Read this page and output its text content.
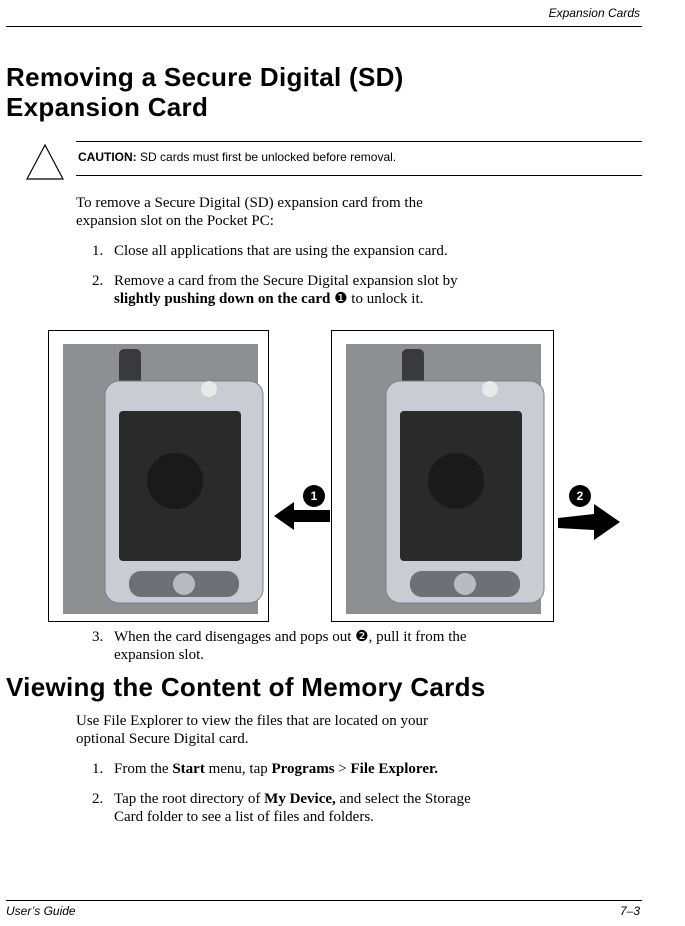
Expansion Cards
Removing a Secure Digital (SD)
Expansion Card
CAUTION: SD cards must first be unlocked before removal.
To remove a Secure Digital (SD) expansion card from the
expansion slot on the Pocket PC:
1. Close all applications that are using the expansion card.
2. Remove a card from the Secure Digital expansion slot by
slightly pushing down on the card ❶ to unlock it.
1	2
3. When the card disengages and pops out ❷, pull it from the
expansion slot.
Viewing the Content of Memory Cards
Use File Explorer to view the files that are located on your
optional Secure Digital card.
1. From the Start menu, tap Programs > File Explorer.
2. Tap the root directory of My Device, and select the Storage
Card folder to see a list of files and folders.
User’s Guide	7–3
